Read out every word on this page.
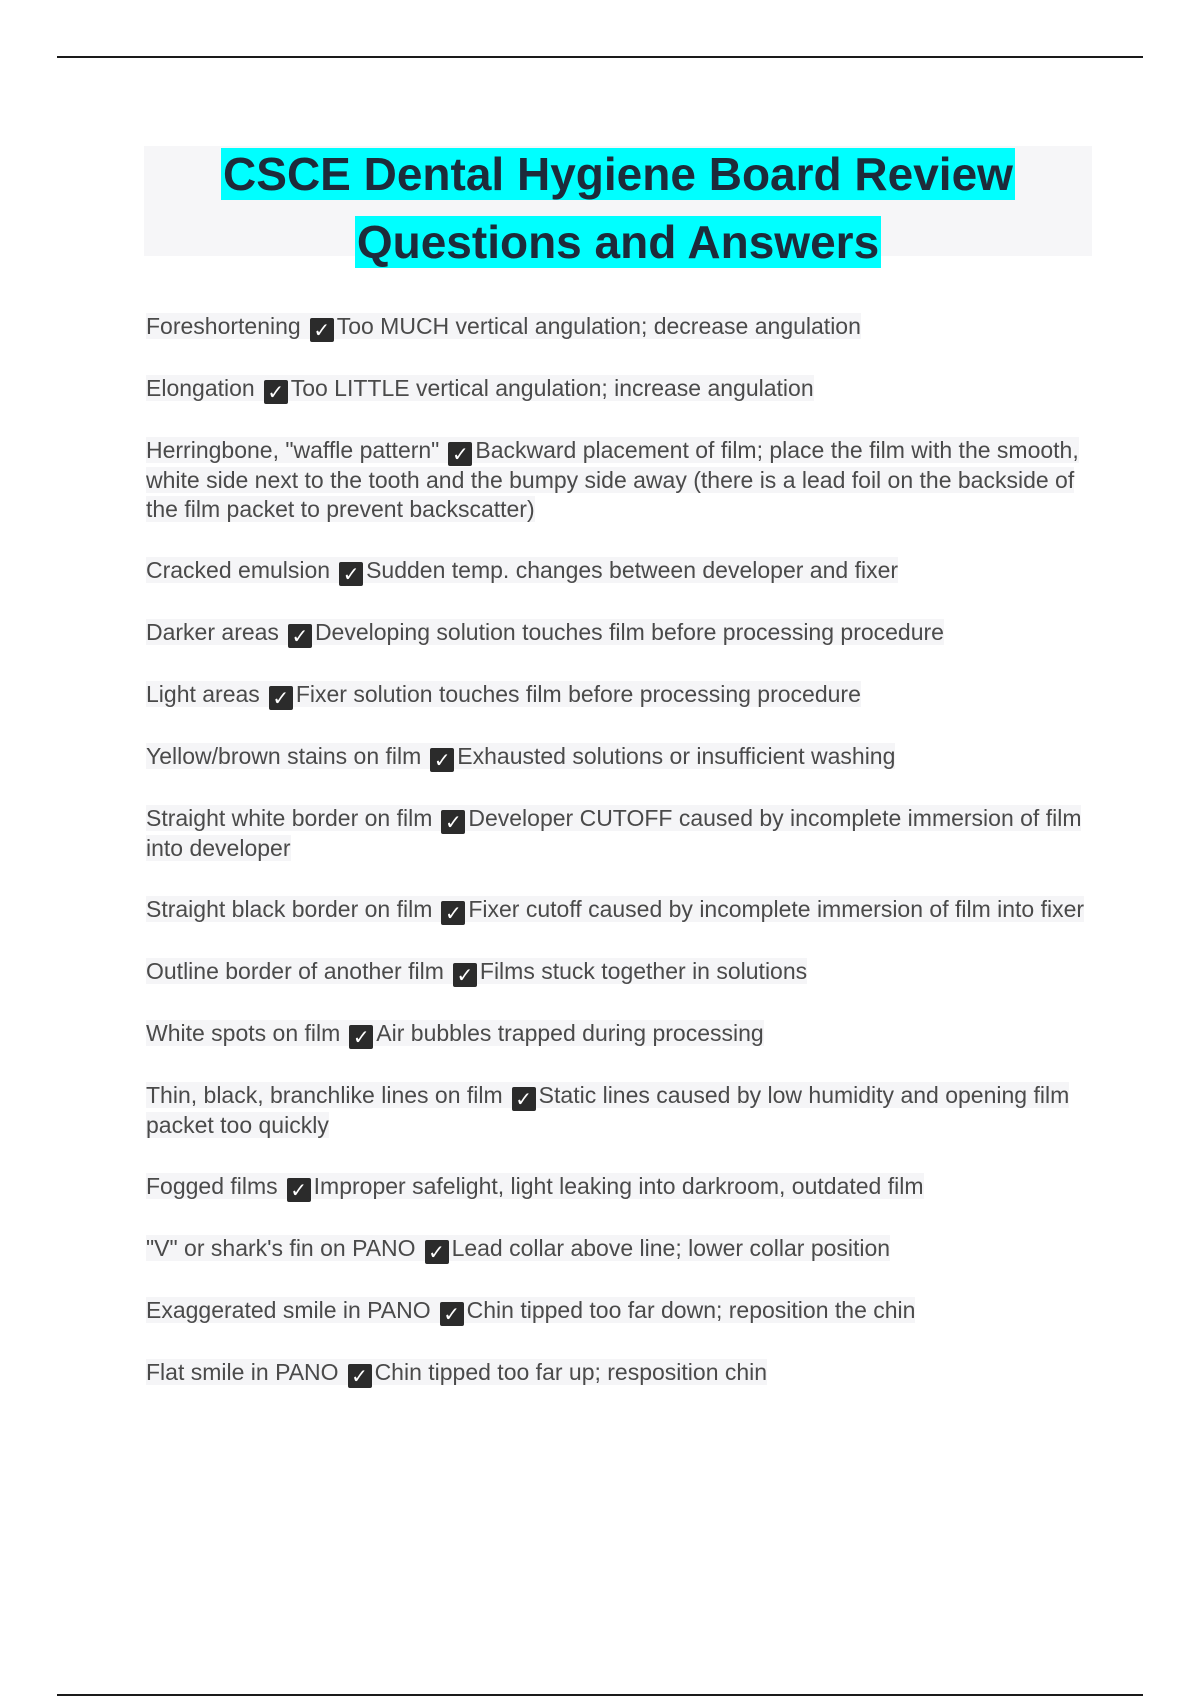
CSCE Dental Hygiene Board Review

Questions and Answers

Foreshortening ✓ Too MUCH vertical angulation; decrease angulation
Elongation ✓ Too LITTLE vertical angulation; increase angulation
Herringbone, "waffle pattern" ✓ Backward placement of film; place the film with the smooth, white side next to the tooth and the bumpy side away (there is a lead foil on the backside of the film packet to prevent backscatter)
Cracked emulsion ✓ Sudden temp. changes between developer and fixer
Darker areas ✓ Developing solution touches film before processing procedure
Light areas ✓ Fixer solution touches film before processing procedure
Yellow/brown stains on film ✓ Exhausted solutions or insufficient washing
Straight white border on film ✓ Developer CUTOFF caused by incomplete immersion of film into developer
Straight black border on film ✓ Fixer cutoff caused by incomplete immersion of film into fixer
Outline border of another film ✓ Films stuck together in solutions
White spots on film ✓ Air bubbles trapped during processing
Thin, black, branchlike lines on film ✓ Static lines caused by low humidity and opening film packet too quickly
Fogged films ✓ Improper safelight, light leaking into darkroom, outdated film
"V" or shark's fin on PANO ✓ Lead collar above line; lower collar position
Exaggerated smile in PANO ✓ Chin tipped too far down; reposition the chin
Flat smile in PANO ✓ Chin tipped too far up; resposition chin
